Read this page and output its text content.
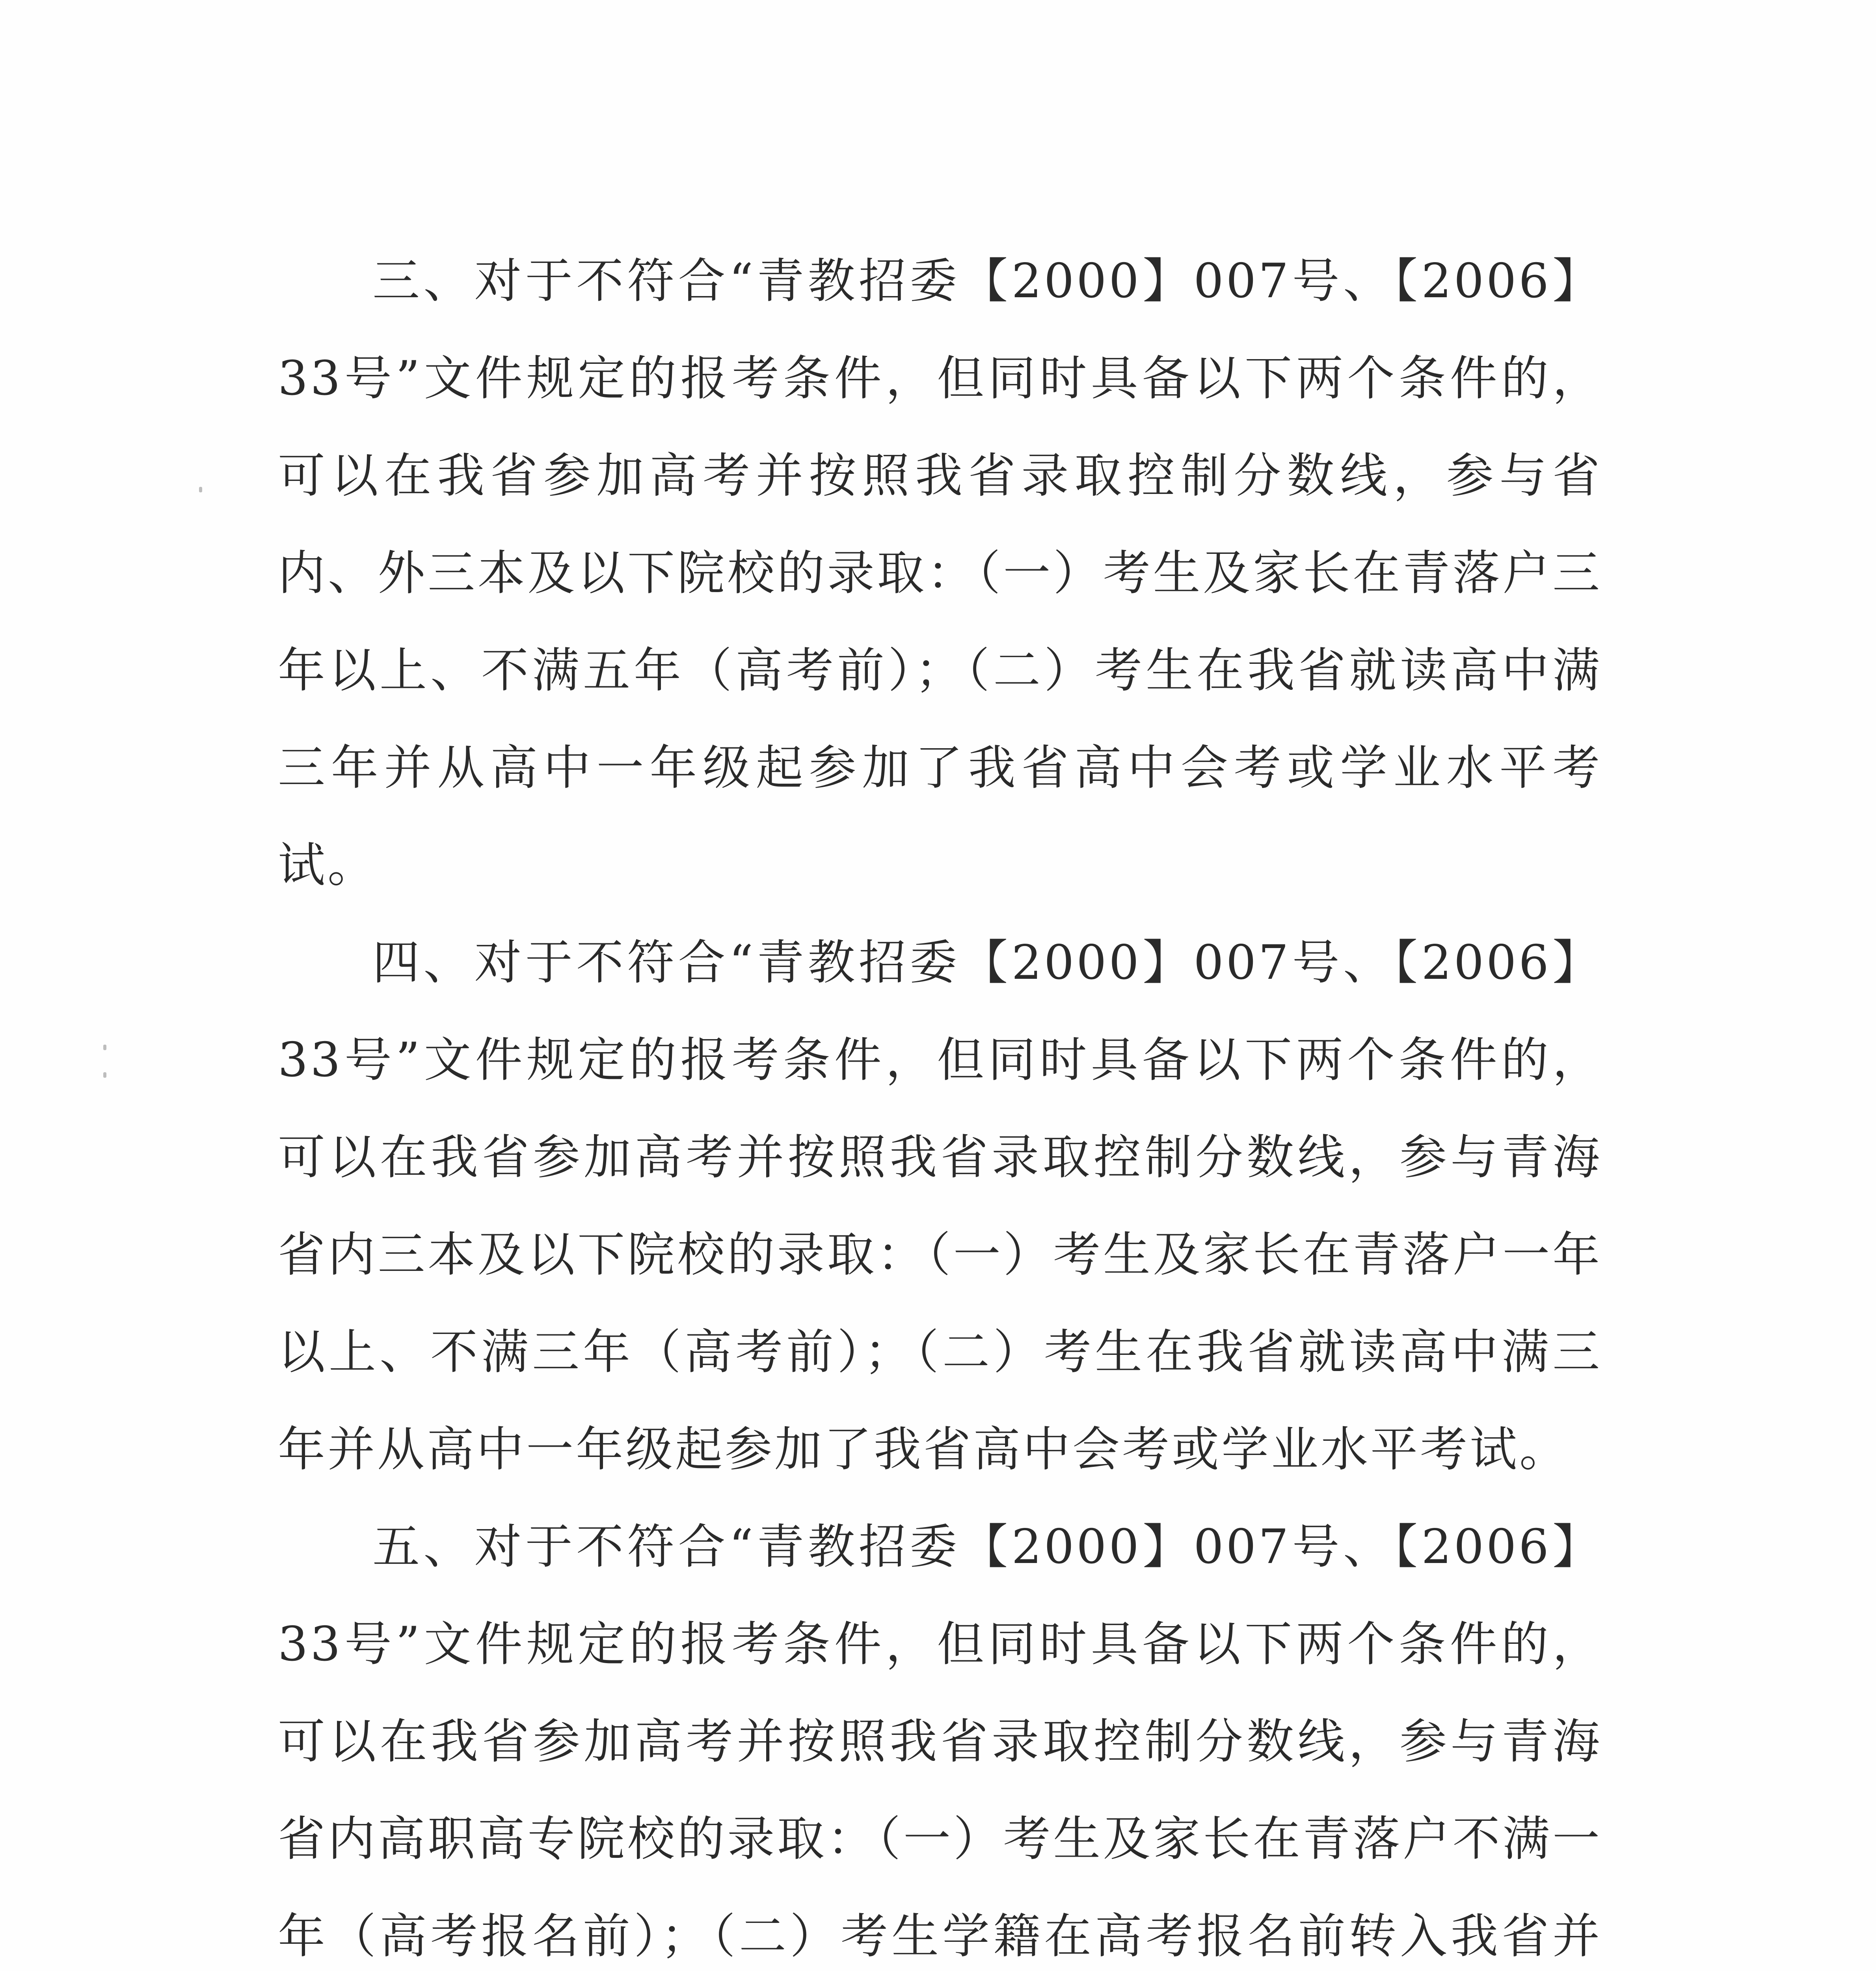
三、对于不符合“青教招委【2000】007号、【2006】33号”文件规定的报考条件，但同时具备以下两个条件的，可以在我省参加高考并按照我省录取控制分数线，参与省内、外三本及以下院校的录取：（一）考生及家长在青落户三年以上、不满五年（高考前）；（二）考生在我省就读高中满三年并从高中一年级起参加了我省高中会考或学业水平考试。

四、对于不符合“青教招委【2000】007号、【2006】33号”文件规定的报考条件，但同时具备以下两个条件的，可以在我省参加高考并按照我省录取控制分数线，参与青海省内三本及以下院校的录取：（一）考生及家长在青落户一年以上、不满三年（高考前）；（二）考生在我省就读高中满三年并从高中一年级起参加了我省高中会考或学业水平考试。

五、对于不符合“青教招委【2000】007号、【2006】33号”文件规定的报考条件，但同时具备以下两个条件的，可以在我省参加高考并按照我省录取控制分数线，参与青海省内高职高专院校的录取：（一）考生及家长在青落户不满一年（高考报名前）；（二）考生学籍在高考报名前转入我省并
